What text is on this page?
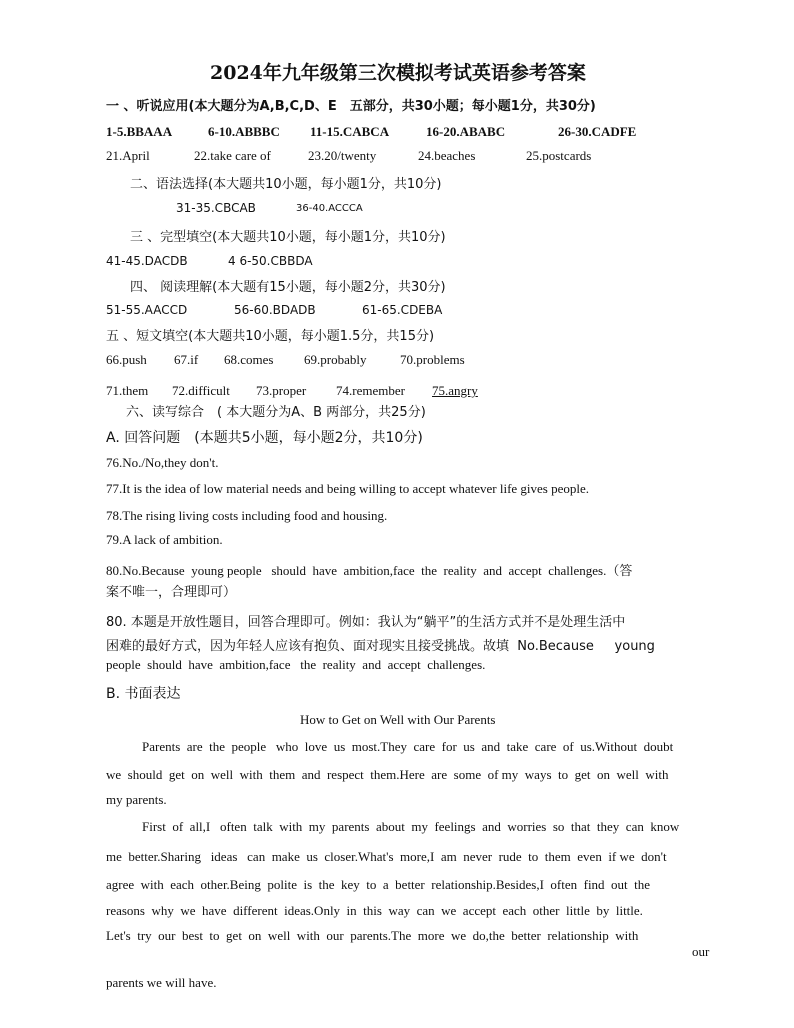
2024年九年级第三次模拟考试英语参考答案
一 、听说应用(本大题分为A,B,C,D、E　五部分，共30小题；每小题1分，共30分)
1-5.BBAAA	6-10.ABBBC 11-15.CABCA	16-20.ABABC	26-30.CADFE
21.April	22.take care of	23.20/twenty	24.beaches	25.postcards
二、语法选择(本大题共10小题，每小题1分，共10分)
31-35.CBCAB	36-40.ACCCA
三 、完型填空(本大题共10小题，每小题1分，共10分)
41-45.DACDB	4 6-50.CBBDA
四、 阅读理解(本大题有15小题，每小题2分，共30分)
51-55.AACCD	56-60.BDADB	61-65.CDEBA
五 、短文填空(本大题共10小题，每小题1.5分，共15分)
66.push 67.if 68.comes 69.probably	70.problems
71.them 72.difficult 73.proper 74.remember 75.angry
六、读写综合　( 本大题分为A、B 两部分，共25分)
A. 回答问题　(本题共5小题，每小题2分，共10分)
76.No./No,they don't.
77.It is the idea of low material needs and being willing to accept whatever life gives people.
78.The rising living costs including food and housing.
79.A lack of ambition.
80.No.Because  young people   should  have  ambition,face  the  reality  and  accept  challenges.（答
案不唯一，合理即可）
80. 本题是开放性题目，回答合理即可。例如：我认为“躺平”的生活方式并不是处理生活中
困难的最好方式，因为年轻人应该有抱负、面对现实且接受挑战。故填  No.Because     young
people  should  have  ambition,face   the  reality  and  accept  challenges.
B. 书面表达
How to Get on Well with Our Parents
Parents  are  the  people   who  love  us  most.They  care  for  us  and  take  care  of  us.Without  doubt
we  should  get  on  well  with  them  and  respect  them.Here  are  some  of my  ways  to  get  on  well  with
my parents.
First  of  all,I   often  talk  with  my  parents  about  my  feelings  and  worries  so  that  they  can  know
me  better.Sharing   ideas   can  make  us  closer.What's  more,I  am  never  rude  to  them  even  if we  don't
agree  with  each  other.Being  polite  is  the  key  to  a  better  relationship.Besides,I  often  find  out  the
reasons  why  we  have  different  ideas.Only  in  this  way  can  we  accept  each  other  little  by  little.
Let's  try  our  best  to  get  on  well  with  our  parents.The  more  we  do,the  better  relationship  with
our
parents we will have.
